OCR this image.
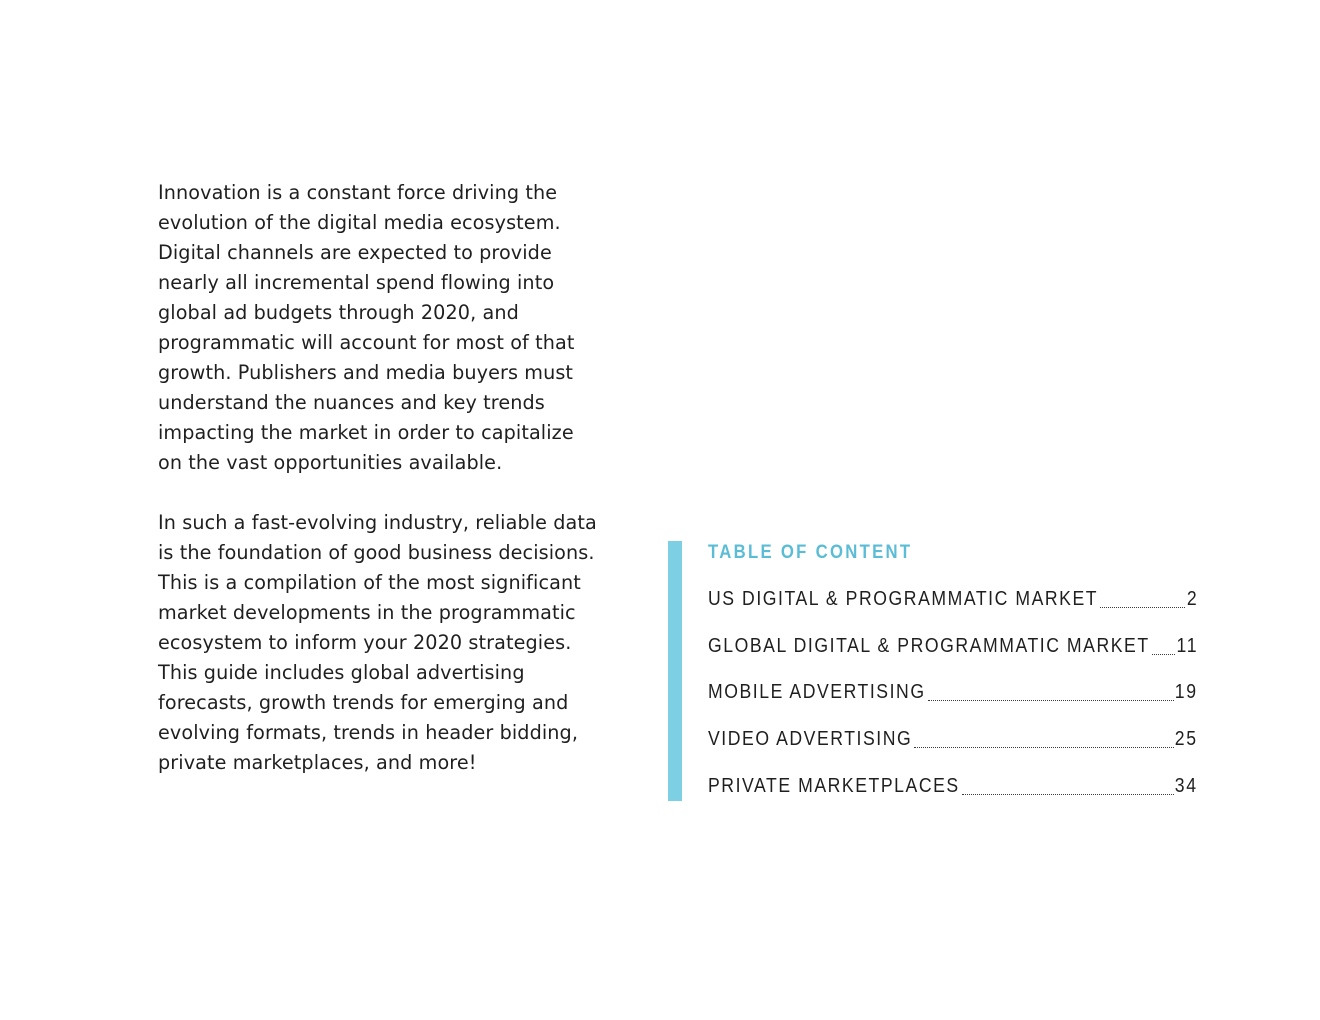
Innovation is a constant force driving the evolution of the digital media ecosystem. Digital channels are expected to provide nearly all incremental spend flowing into global ad budgets through 2020, and programmatic will account for most of that growth. Publishers and media buyers must understand the nuances and key trends impacting the market in order to capitalize on the vast opportunities available.

In such a fast-evolving industry, reliable data is the foundation of good business decisions. This is a compilation of the most significant market developments in the programmatic ecosystem to inform your 2020 strategies. This guide includes global advertising forecasts, growth trends for emerging and evolving formats, trends in header bidding, private marketplaces, and more!

TABLE OF CONTENT
US DIGITAL & PROGRAMMATIC MARKET	2
GLOBAL DIGITAL & PROGRAMMATIC MARKET 11
MOBILE ADVERTISING	19
VIDEO ADVERTISING	25
PRIVATE MARKETPLACES	34
